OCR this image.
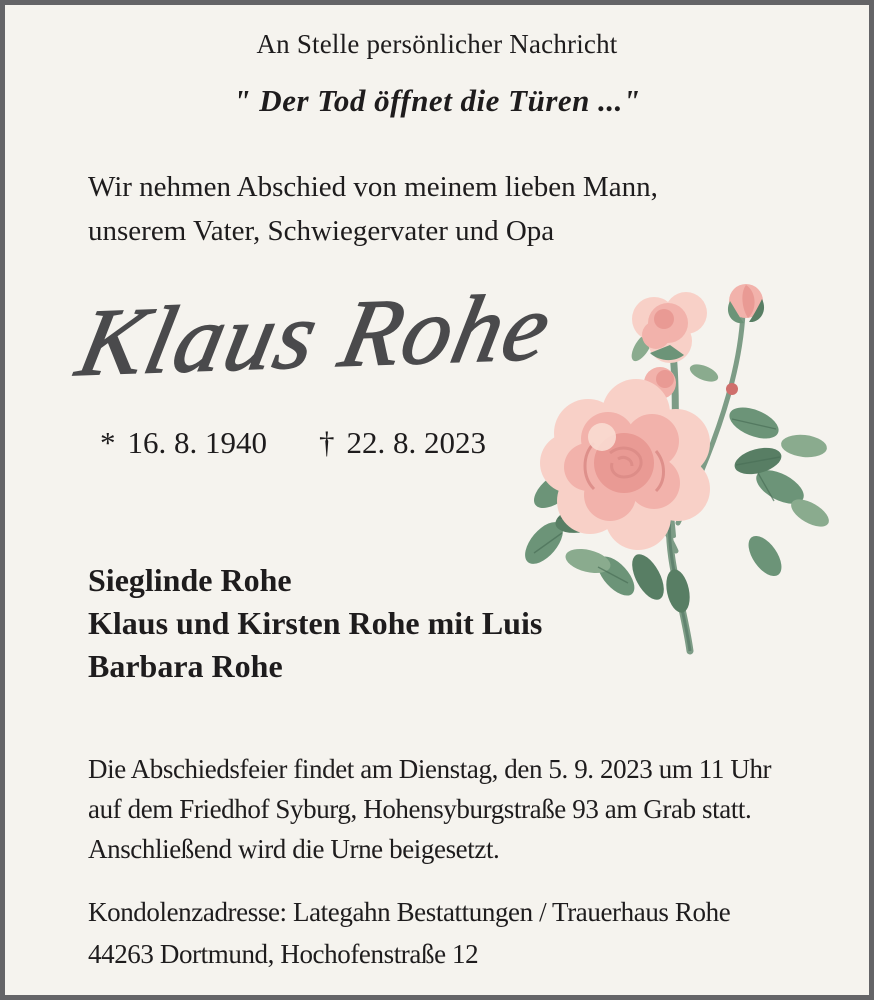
An Stelle persönlicher Nachricht
" Der Tod öffnet die Türen ..."
Wir nehmen Abschied von meinem lieben Mann,
unserem Vater, Schwiegervater und Opa
Klaus Rohe
* 16. 8. 1940 † 22. 8. 2023
Sieglinde Rohe
Klaus und Kirsten Rohe mit Luis
Barbara Rohe
Die Abschiedsfeier findet am Dienstag, den 5. 9. 2023 um 11 Uhr
auf dem Friedhof Syburg, Hohensyburgstraße 93 am Grab statt.
Anschließend wird die Urne beigesetzt.
Kondolenzadresse: Lategahn Bestattungen / Trauerhaus Rohe
44263 Dortmund, Hochofenstraße 12
